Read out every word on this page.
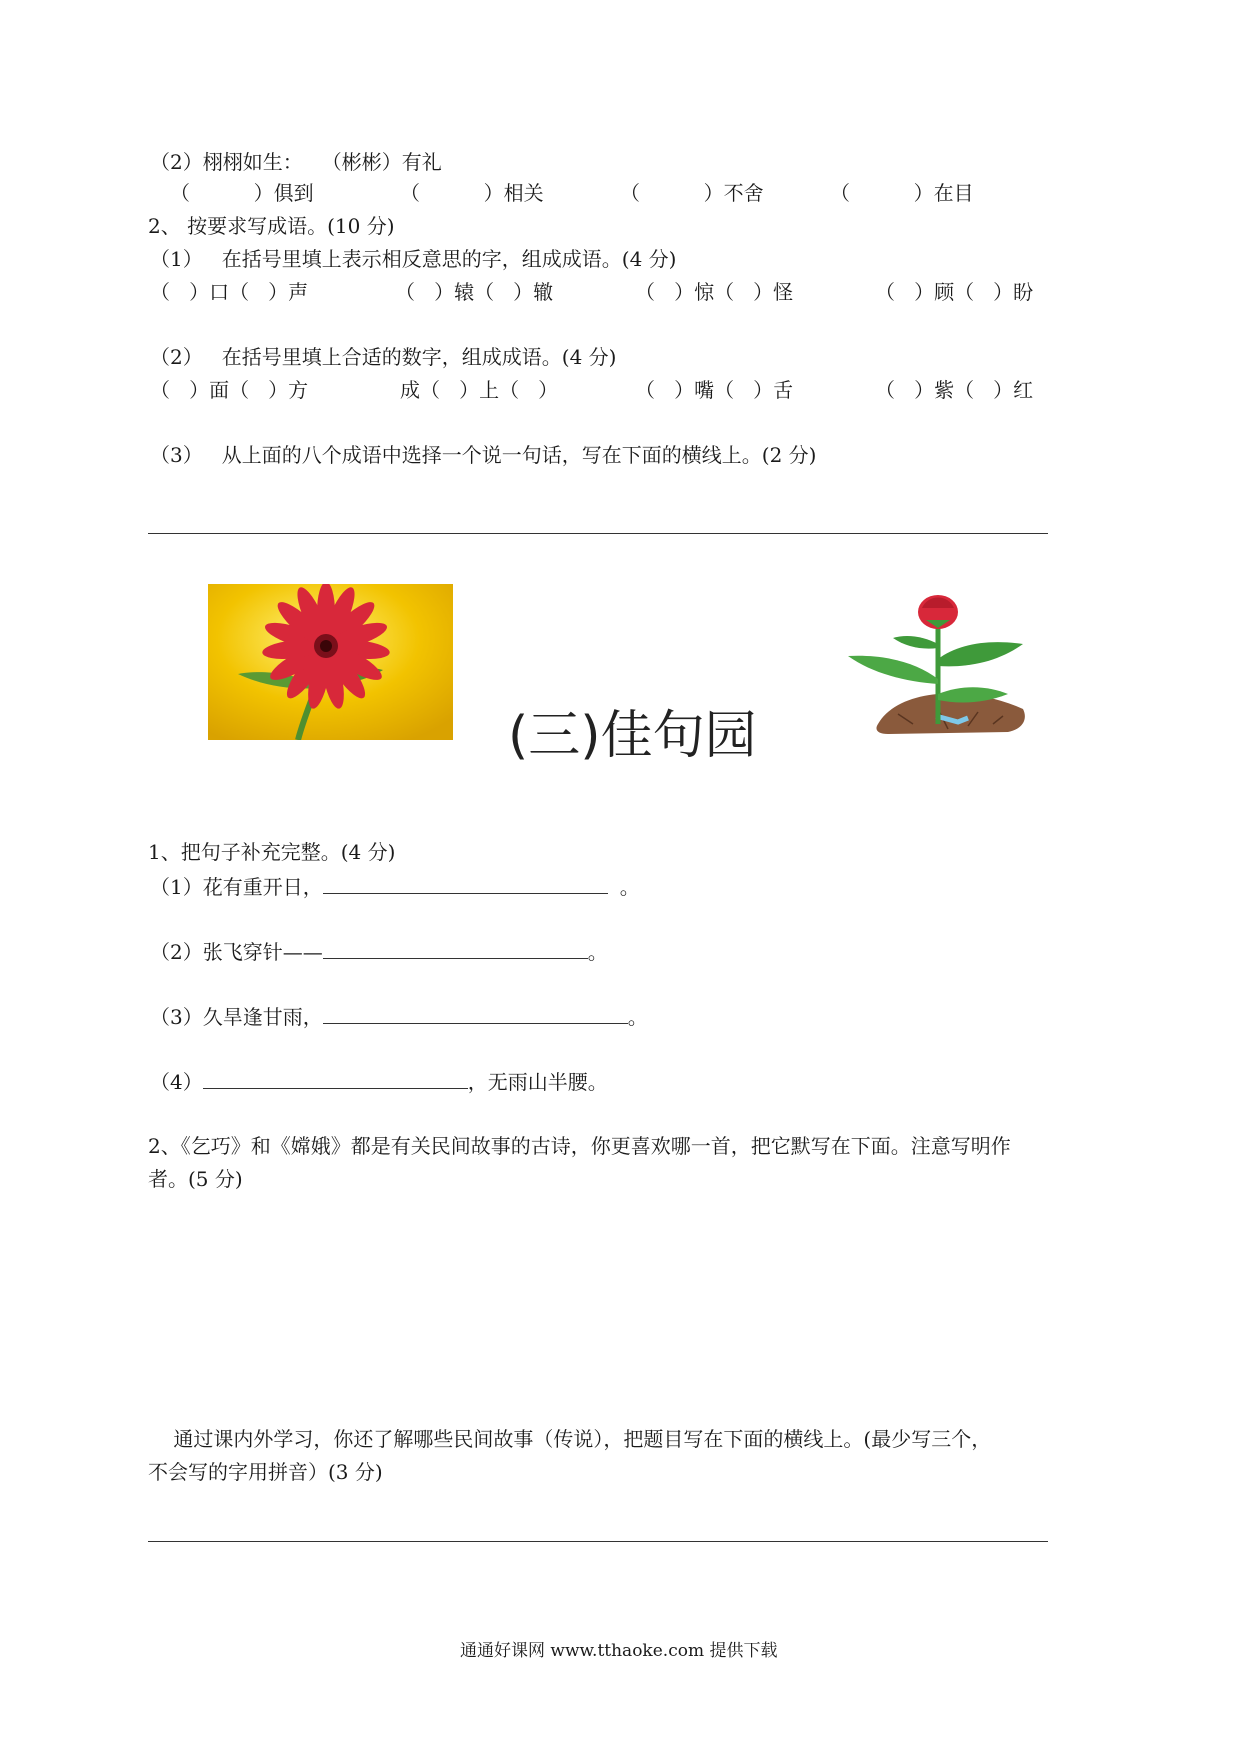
（2）栩栩如生：   （彬彬）有礼
（          ）俱到	（          ）相关	（          ）不舍	（          ）在目
2、 按要求写成语。(10 分)
（1）   在括号里填上表示相反意思的字，组成成语。(4 分)
（   ）口（   ）声	（   ）辕（   ）辙	（   ）惊（   ）怪	（   ）顾（   ）盼
（2）   在括号里填上合适的数字，组成成语。(4 分)
（   ）面（   ）方	成（   ）上（   ）	（   ）嘴（   ）舌	（   ）紫（   ）红
（3）   从上面的八个成语中选择一个说一句话，写在下面的横线上。(2 分)
(三)佳句园
1、把句子补充完整。(4 分)
（1）花有重开日，	。
（2）张飞穿针——	。
（3）久旱逢甘雨，	。
（4）	，无雨山半腰。
2、《乞巧》和《嫦娥》都是有关民间故事的古诗，你更喜欢哪一首，把它默写在下面。注意写明作
者。(5 分)
通过课内外学习，你还了解哪些民间故事（传说），把题目写在下面的横线上。(最少写三个，
不会写的字用拼音）(3 分)
通通好课网 www.tthaoke.com 提供下载
